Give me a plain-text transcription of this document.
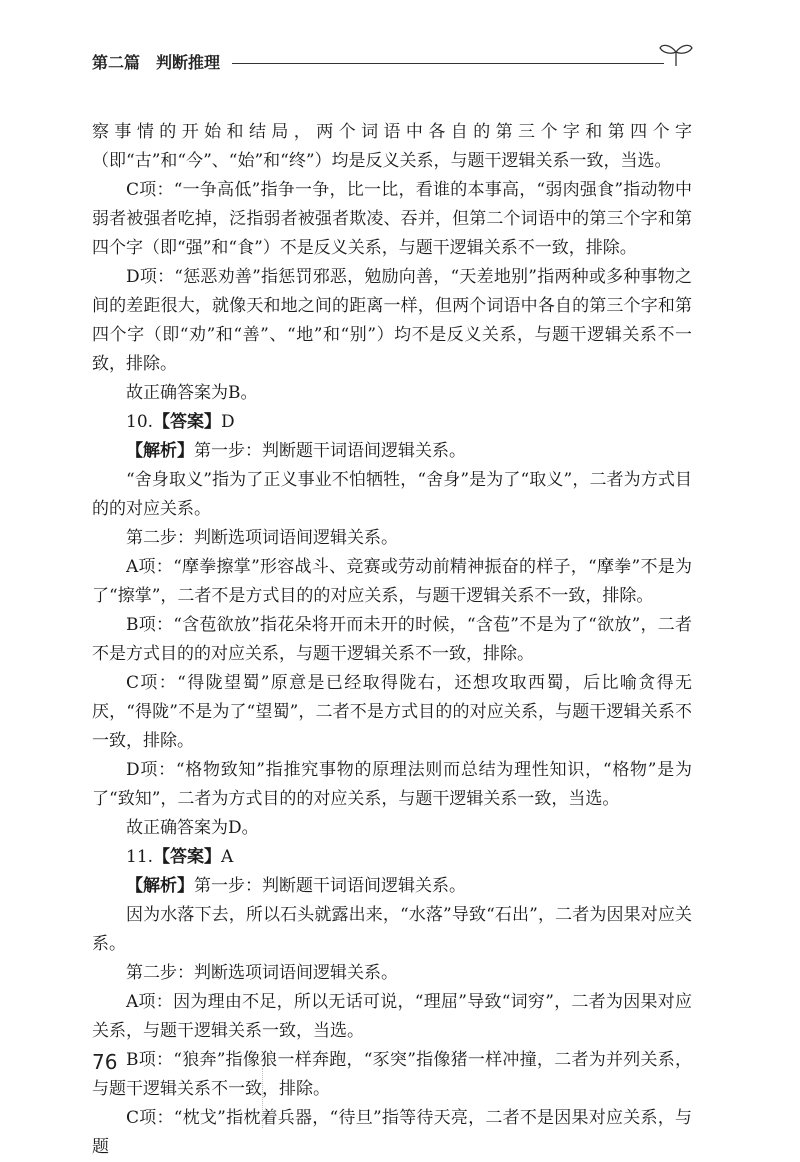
第二篇　判断推理

察事情的开始和结局，两个词语中各自的第三个字和第四个字（即“古”和“今”、“始”和“终”）均是反义关系，与题干逻辑关系一致，当选。

C项：“一争高低”指争一争，比一比，看谁的本事高，“弱肉强食”指动物中弱者被强者吃掉，泛指弱者被强者欺凌、吞并，但第二个词语中的第三个字和第四个字（即“强”和“食”）不是反义关系，与题干逻辑关系不一致，排除。

D项：“惩恶劝善”指惩罚邪恶，勉励向善，“天差地别”指两种或多种事物之间的差距很大，就像天和地之间的距离一样，但两个词语中各自的第三个字和第四个字（即“劝”和“善”、“地”和“别”）均不是反义关系，与题干逻辑关系不一致，排除。

故正确答案为B。

10.【答案】D

【解析】第一步：判断题干词语间逻辑关系。

“舍身取义”指为了正义事业不怕牺牲，“舍身”是为了“取义”，二者为方式目的的对应关系。

第二步：判断选项词语间逻辑关系。

A项：“摩拳擦掌”形容战斗、竞赛或劳动前精神振奋的样子，“摩拳”不是为了“擦掌”，二者不是方式目的的对应关系，与题干逻辑关系不一致，排除。

B项：“含苞欲放”指花朵将开而未开的时候，“含苞”不是为了“欲放”，二者不是方式目的的对应关系，与题干逻辑关系不一致，排除。

C项：“得陇望蜀”原意是已经取得陇右，还想攻取西蜀，后比喻贪得无厌，“得陇”不是为了“望蜀”，二者不是方式目的的对应关系，与题干逻辑关系不一致，排除。

D项：“格物致知”指推究事物的原理法则而总结为理性知识，“格物”是为了“致知”，二者为方式目的的对应关系，与题干逻辑关系一致，当选。

故正确答案为D。

11.【答案】A

【解析】第一步：判断题干词语间逻辑关系。

因为水落下去，所以石头就露出来，“水落”导致“石出”，二者为因果对应关系。

第二步：判断选项词语间逻辑关系。

A项：因为理由不足，所以无话可说，“理屈”导致“词穷”，二者为因果对应关系，与题干逻辑关系一致，当选。

B项：“狼奔”指像狼一样奔跑，“豕突”指像猪一样冲撞，二者为并列关系，与题干逻辑关系不一致，排除。

C项：“枕戈”指枕着兵器，“待旦”指等待天亮，二者不是因果对应关系，与题

76
